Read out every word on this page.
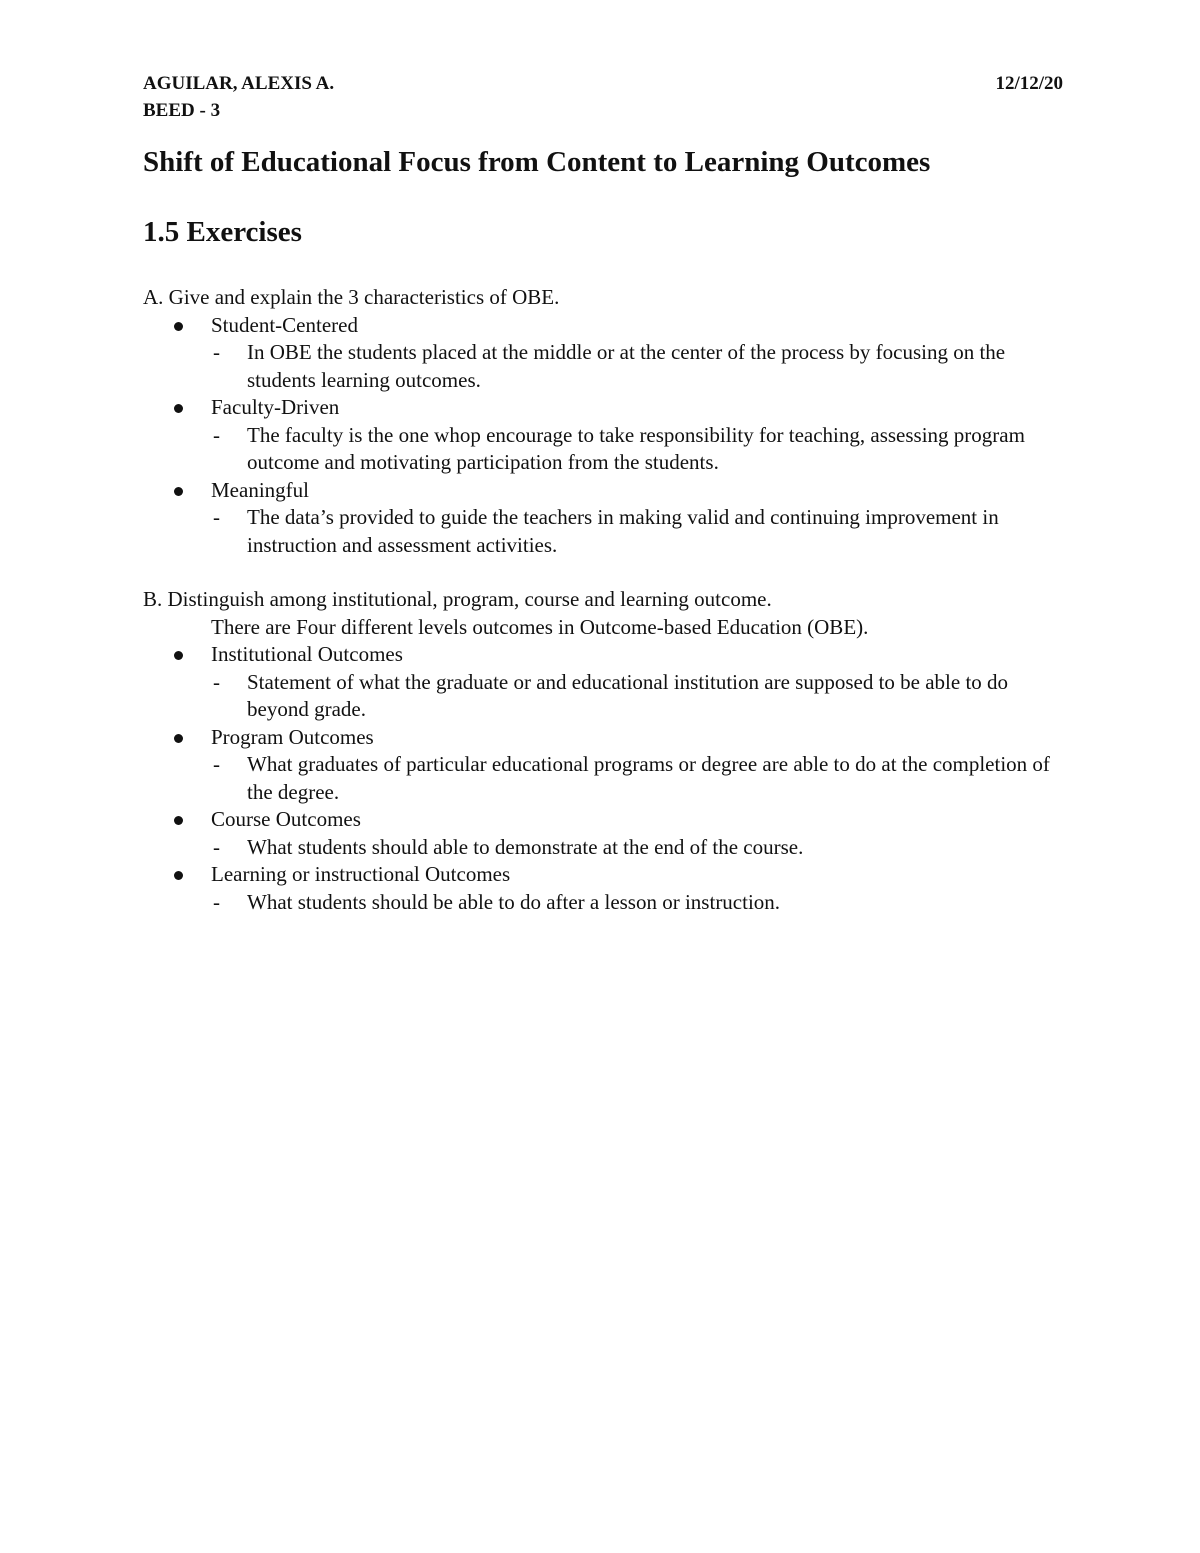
AGUILAR, ALEXIS A.	12/12/20
BEED - 3
Shift of Educational Focus from Content to Learning Outcomes
1.5 Exercises
A. Give and explain the 3 characteristics of OBE.
Student-Centered
- In OBE the students placed at the middle or at the center of the process by focusing on the students learning outcomes.
Faculty-Driven
- The faculty is the one whop encourage to take responsibility for teaching, assessing program outcome and motivating participation from the students.
Meaningful
- The data’s provided to guide the teachers in making valid and continuing improvement in instruction and assessment activities.
B. Distinguish among institutional, program, course and learning outcome.
There are Four different levels outcomes in Outcome-based Education (OBE).
Institutional Outcomes
- Statement of what the graduate or and educational institution are supposed to be able to do beyond grade.
Program Outcomes
- What graduates of particular educational programs or degree are able to do at the completion of the degree.
Course Outcomes
- What students should able to demonstrate at the end of the course.
Learning or instructional Outcomes
- What students should be able to do after a lesson or instruction.
